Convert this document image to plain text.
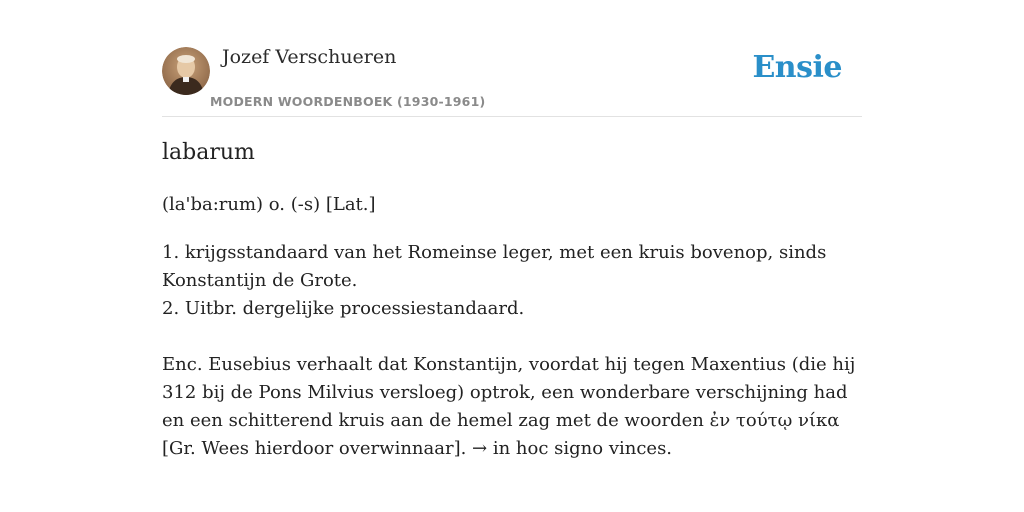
Jozef Verschueren
MODERN WOORDENBOEK (1930-1961)
Ensie
labarum
(la'ba:rum) o. (-s) [Lat.]

1. krijgsstandaard van het Romeinse leger, met een kruis bovenop, sinds Konstantijn de Grote.

2. Uitbr. dergelijke processiestandaard.

Enc. Eusebius verhaalt dat Konstantijn, voordat hij tegen Maxentius (die hij 312 bij de Pons Milvius versloeg) optrok, een wonderbare verschijning had en een schitterend kruis aan de hemel zag met de woorden ἐν τούτῳ νίκα [Gr. Wees hierdoor overwinnaar]. → in hoc signo vinces.
